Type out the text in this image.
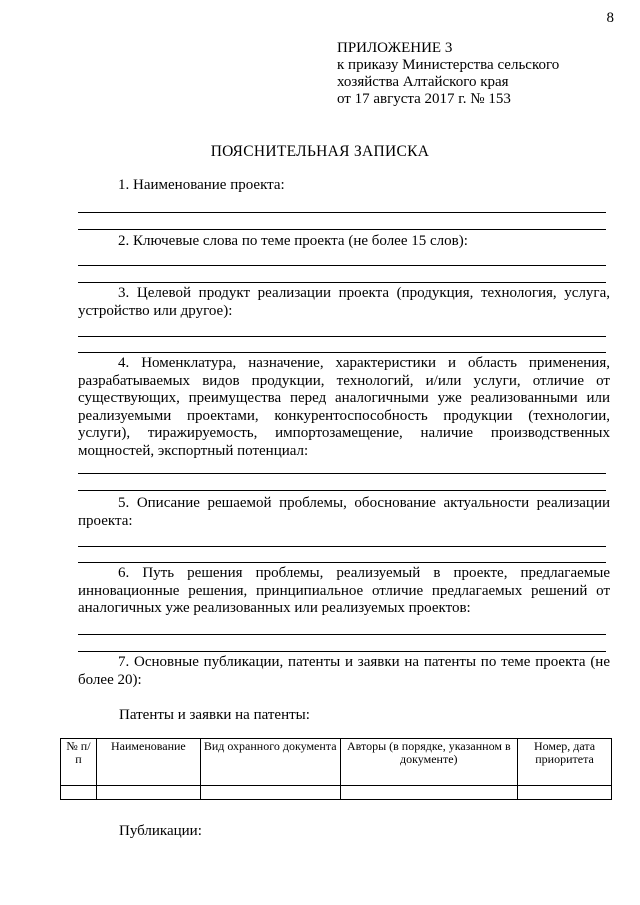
8
ПРИЛОЖЕНИЕ 3
к приказу Министерства сельского
хозяйства Алтайского края
от 17 августа 2017 г. № 153
ПОЯСНИТЕЛЬНАЯ ЗАПИСКА
1. Наименование проекта:
2. Ключевые слова по теме проекта (не более 15 слов):
3. Целевой продукт реализации проекта (продукция, технология, услуга, устройство или другое):
4. Номенклатура, назначение, характеристики и область применения, разрабатываемых видов продукции, технологий, и/или услуги, отличие от существующих, преимущества перед аналогичными уже реализованными или реализуемыми проектами, конкурентоспособность продукции (технологии, услуги), тиражируемость, импортозамещение, наличие производственных мощностей, экспортный потенциал:
5. Описание решаемой проблемы, обоснование актуальности реализации проекта:
6. Путь решения проблемы, реализуемый в проекте, предлагаемые инновационные решения, принципиальное отличие предлагаемых решений от аналогичных уже реализованных или реализуемых проектов:
7. Основные публикации, патенты и заявки на патенты по теме проекта (не более 20):
Патенты и заявки на патенты:
№ п/п	Наименование	Вид охранного документа	Авторы (в порядке, указанном в документе)	Номер, дата приоритета

Публикации:
